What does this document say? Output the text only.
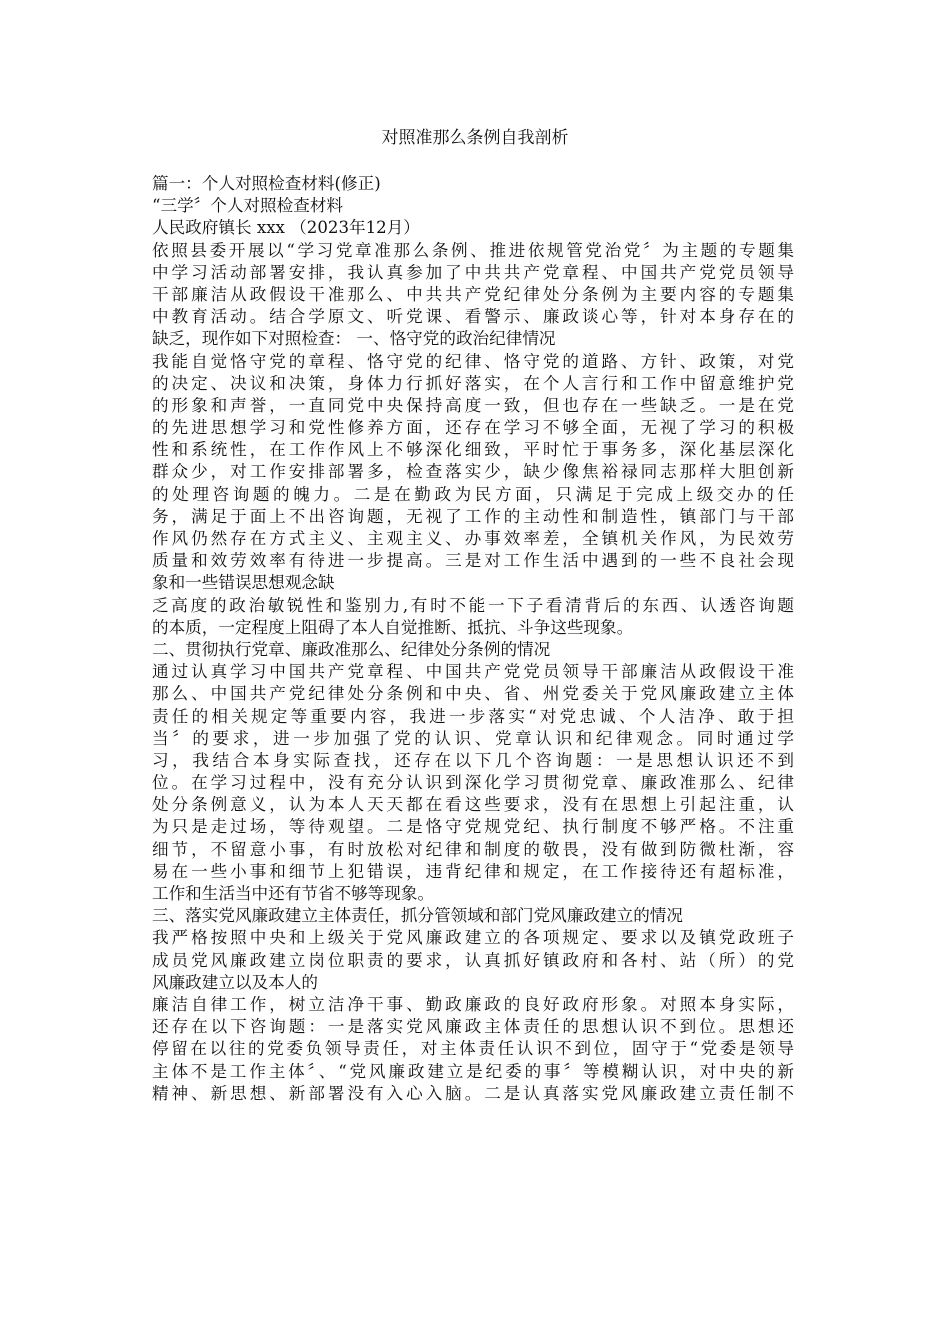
对照准那么条例自我剖析
篇一：个人对照检查材料(修正)
“三学〞个人对照检查材料
人民政府镇长 xxx （2023年12月）
依照县委开展以“学习党章准那么条例、推进依规管党治党〞为主题的专题集
中学习活动部署安排，我认真参加了中共共产党章程、中国共产党党员领导
干部廉洁从政假设干准那么、中共共产党纪律处分条例为主要内容的专题集
中教育活动。结合学原文、听党课、看警示、廉政谈心等，针对本身存在的
缺乏，现作如下对照检查： 一、恪守党的政治纪律情况
我能自觉恪守党的章程、恪守党的纪律、恪守党的道路、方针、政策，对党
的决定、决议和决策，身体力行抓好落实，在个人言行和工作中留意维护党
的形象和声誉，一直同党中央保持高度一致，但也存在一些缺乏。一是在党
的先进思想学习和党性修养方面，还存在学习不够全面，无视了学习的积极
性和系统性，在工作作风上不够深化细致，平时忙于事务多，深化基层深化
群众少，对工作安排部署多，检查落实少，缺少像焦裕禄同志那样大胆创新
的处理咨询题的魄力。二是在勤政为民方面，只满足于完成上级交办的任
务，满足于面上不出咨询题，无视了工作的主动性和制造性，镇部门与干部
作风仍然存在方式主义、主观主义、办事效率差，全镇机关作风，为民效劳
质量和效劳效率有待进一步提高。三是对工作生活中遇到的一些不良社会现
象和一些错误思想观念缺
乏高度的政治敏锐性和鉴别力,有时不能一下子看清背后的东西、认透咨询题
的本质，一定程度上阻碍了本人自觉推断、抵抗、斗争这些现象。
二、贯彻执行党章、廉政准那么、纪律处分条例的情况
通过认真学习中国共产党章程、中国共产党党员领导干部廉洁从政假设干准
那么、中国共产党纪律处分条例和中央、省、州党委关于党风廉政建立主体
责任的相关规定等重要内容，我进一步落实“对党忠诚、个人洁净、敢于担
当〞的要求，进一步加强了党的认识、党章认识和纪律观念。同时通过学
习，我结合本身实际查找，还存在以下几个咨询题：一是思想认识还不到
位。在学习过程中，没有充分认识到深化学习贯彻党章、廉政准那么、纪律
处分条例意义，认为本人天天都在看这些要求，没有在思想上引起注重，认
为只是走过场，等待观望。二是恪守党规党纪、执行制度不够严格。不注重
细节，不留意小事，有时放松对纪律和制度的敬畏，没有做到防微杜渐，容
易在一些小事和细节上犯错误，违背纪律和规定，在工作接待还有超标准，
工作和生活当中还有节省不够等现象。
三、落实党风廉政建立主体责任，抓分管领域和部门党风廉政建立的情况
我严格按照中央和上级关于党风廉政建立的各项规定、要求以及镇党政班子
成员党风廉政建立岗位职责的要求，认真抓好镇政府和各村、站（所）的党
风廉政建立以及本人的
廉洁自律工作，树立洁净干事、勤政廉政的良好政府形象。对照本身实际，
还存在以下咨询题：一是落实党风廉政主体责任的思想认识不到位。思想还
停留在以往的党委负领导责任，对主体责任认识不到位，固守于“党委是领导
主体不是工作主体〞、“党风廉政建立是纪委的事〞等模糊认识，对中央的新
精神、新思想、新部署没有入心入脑。二是认真落实党风廉政建立责任制不
